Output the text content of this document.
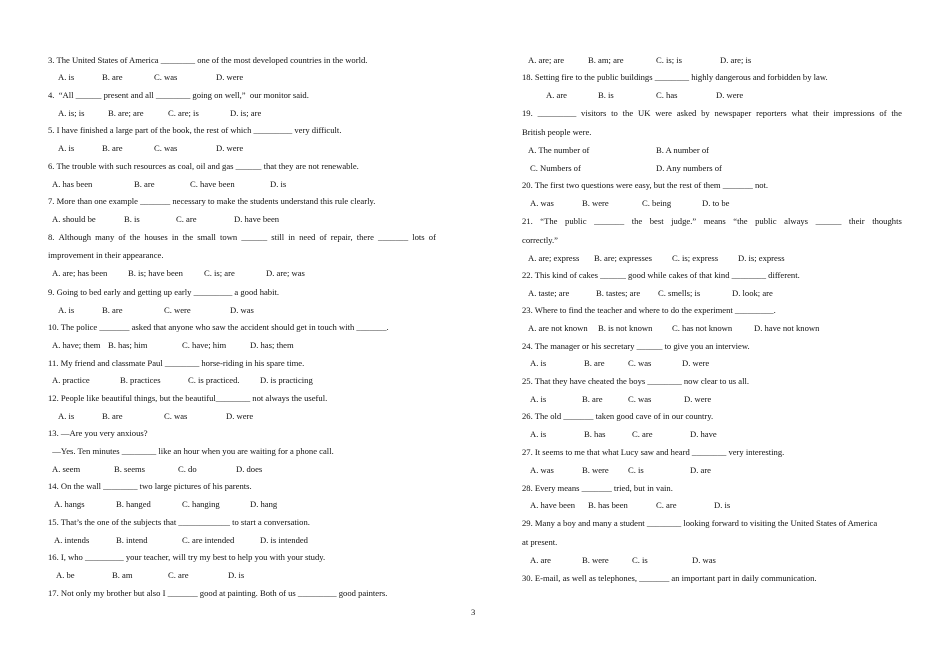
3. The United States of America ________ one of the most developed countries in the world.
A. is	B. are	C. was	D. were
4.  “All ______ present and all ________ going on well,”  our monitor said.
A. is; is	B. are; are	C. are; is	D. is; are
5. I have finished a large part of the book, the rest of which _________ very difficult.
A. is	B. are	C. was	D. were
6. The trouble with such resources as coal, oil and gas ______ that they are not renewable.
A. has been	B. are	C. have been	D. is
7. More than one example _______ necessary to make the students understand this rule clearly.
A. should be	B. is	C. are	D. have been
8. Although many of the houses in the small town ______ still in need of repair, there _______ lots of
improvement in their appearance.
A. are; has been B. is; have been C. is; are	D. are; was
9. Going to bed early and getting up early _________ a good habit.
A. is	B. are	C. were	D. was
10. The police _______ asked that anyone who saw the accident should get in touch with _______.
A. have; them B. has; him	C. have; him	D. has; them
11. My friend and classmate Paul ________ horse-riding in his spare time.
A. practice	B. practices	C. is practiced. D. is practicing
12. People like beautiful things, but the beautiful________ not always the useful.
A. is	B. are	C. was	D. were
13. —Are you very anxious?
—Yes. Ten minutes ________ like an hour when you are waiting for a phone call.
A. seem	B. seems	C. do	D. does
14. On the wall ________ two large pictures of his parents.
A. hangs	B. hanged	C. hanging	D. hang
15. That’s the one of the subjects that ____________ to start a conversation.
A. intends	B. intend	C. are intended	D. is intended
16. I, who _________ your teacher, will try my best to help you with your study.
A. be	B. am	C. are	D. is
17. Not only my brother but also I _______ good at painting. Both of us _________ good painters.
A. are; are	B. am; are	C. is; is	D. are; is
18. Setting fire to the public buildings ________ highly dangerous and forbidden by law.
A. are	B. is	C. has	D. were
19. _________ visitors to the UK were asked by newspaper reporters what their impressions of the
British people were.
A. The number of	B. A number of
C. Numbers of	D. Any numbers of
20. The first two questions were easy, but the rest of them _______ not.
A. was	B. were	C. being	D. to be
21. “The public _______ the best judge.” means “the public always ______ their thoughts
correctly.”
A. are; express B. are; expresses C. is; express D. is; express
22. This kind of cakes ______ good while cakes of that kind ________ different.
A. taste; are	B. tastes; are C. smells; is	D. look; are
23. Where to find the teacher and where to do the experiment _________.
A. are not known B. is not known C. has not known	D. have not known
24. The manager or his secretary ______ to give you an interview.
A. is	B. are	C. was	D. were
25. That they have cheated the boys ________ now clear to us all.
A. is	B. are	C. was	D. were
26. The old _______ taken good cave of in our country.
A. is	B. has	C. are	D. have
27. It seems to me that what Lucy saw and heard ________ very interesting.
A. was	B. were C. is	D. are
28. Every means _______ tried, but in vain.
A. have been B. has been	C. are	D. is
29. Many a boy and many a student ________ looking forward to visiting the United States of America
at present.
A. are	B. were	C. is	D. was
30. E-mail, as well as telephones, _______ an important part in daily communication.
3
